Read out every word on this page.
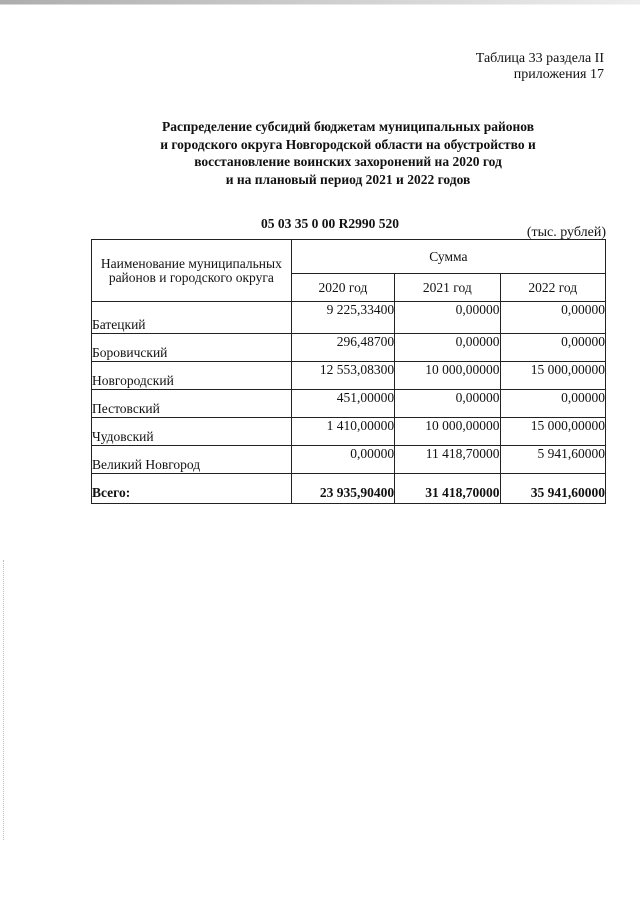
Таблица 33 раздела II
приложения 17
Распределение субсидий бюджетам муниципальных районов
и городского округа Новгородской области на обустройство и
восстановление воинских захоронений на 2020 год
и на плановый период 2021 и 2022 годов
05 03 35 0 00 R2990 520
(тыс. рублей)
Наименование муниципальных районов и городского округа	Сумма		
	2020 год	2021 год	2022 год
Батецкий	9 225,33400	0,00000	0,00000
Боровичский	296,48700	0,00000	0,00000
Новгородский	12 553,08300	10 000,00000	15 000,00000
Пестовский	451,00000	0,00000	0,00000
Чудовский	1 410,00000	10 000,00000	15 000,00000
Великий Новгород	0,00000	11 418,70000	5 941,60000
Всего:	23 935,90400	31 418,70000	35 941,60000
